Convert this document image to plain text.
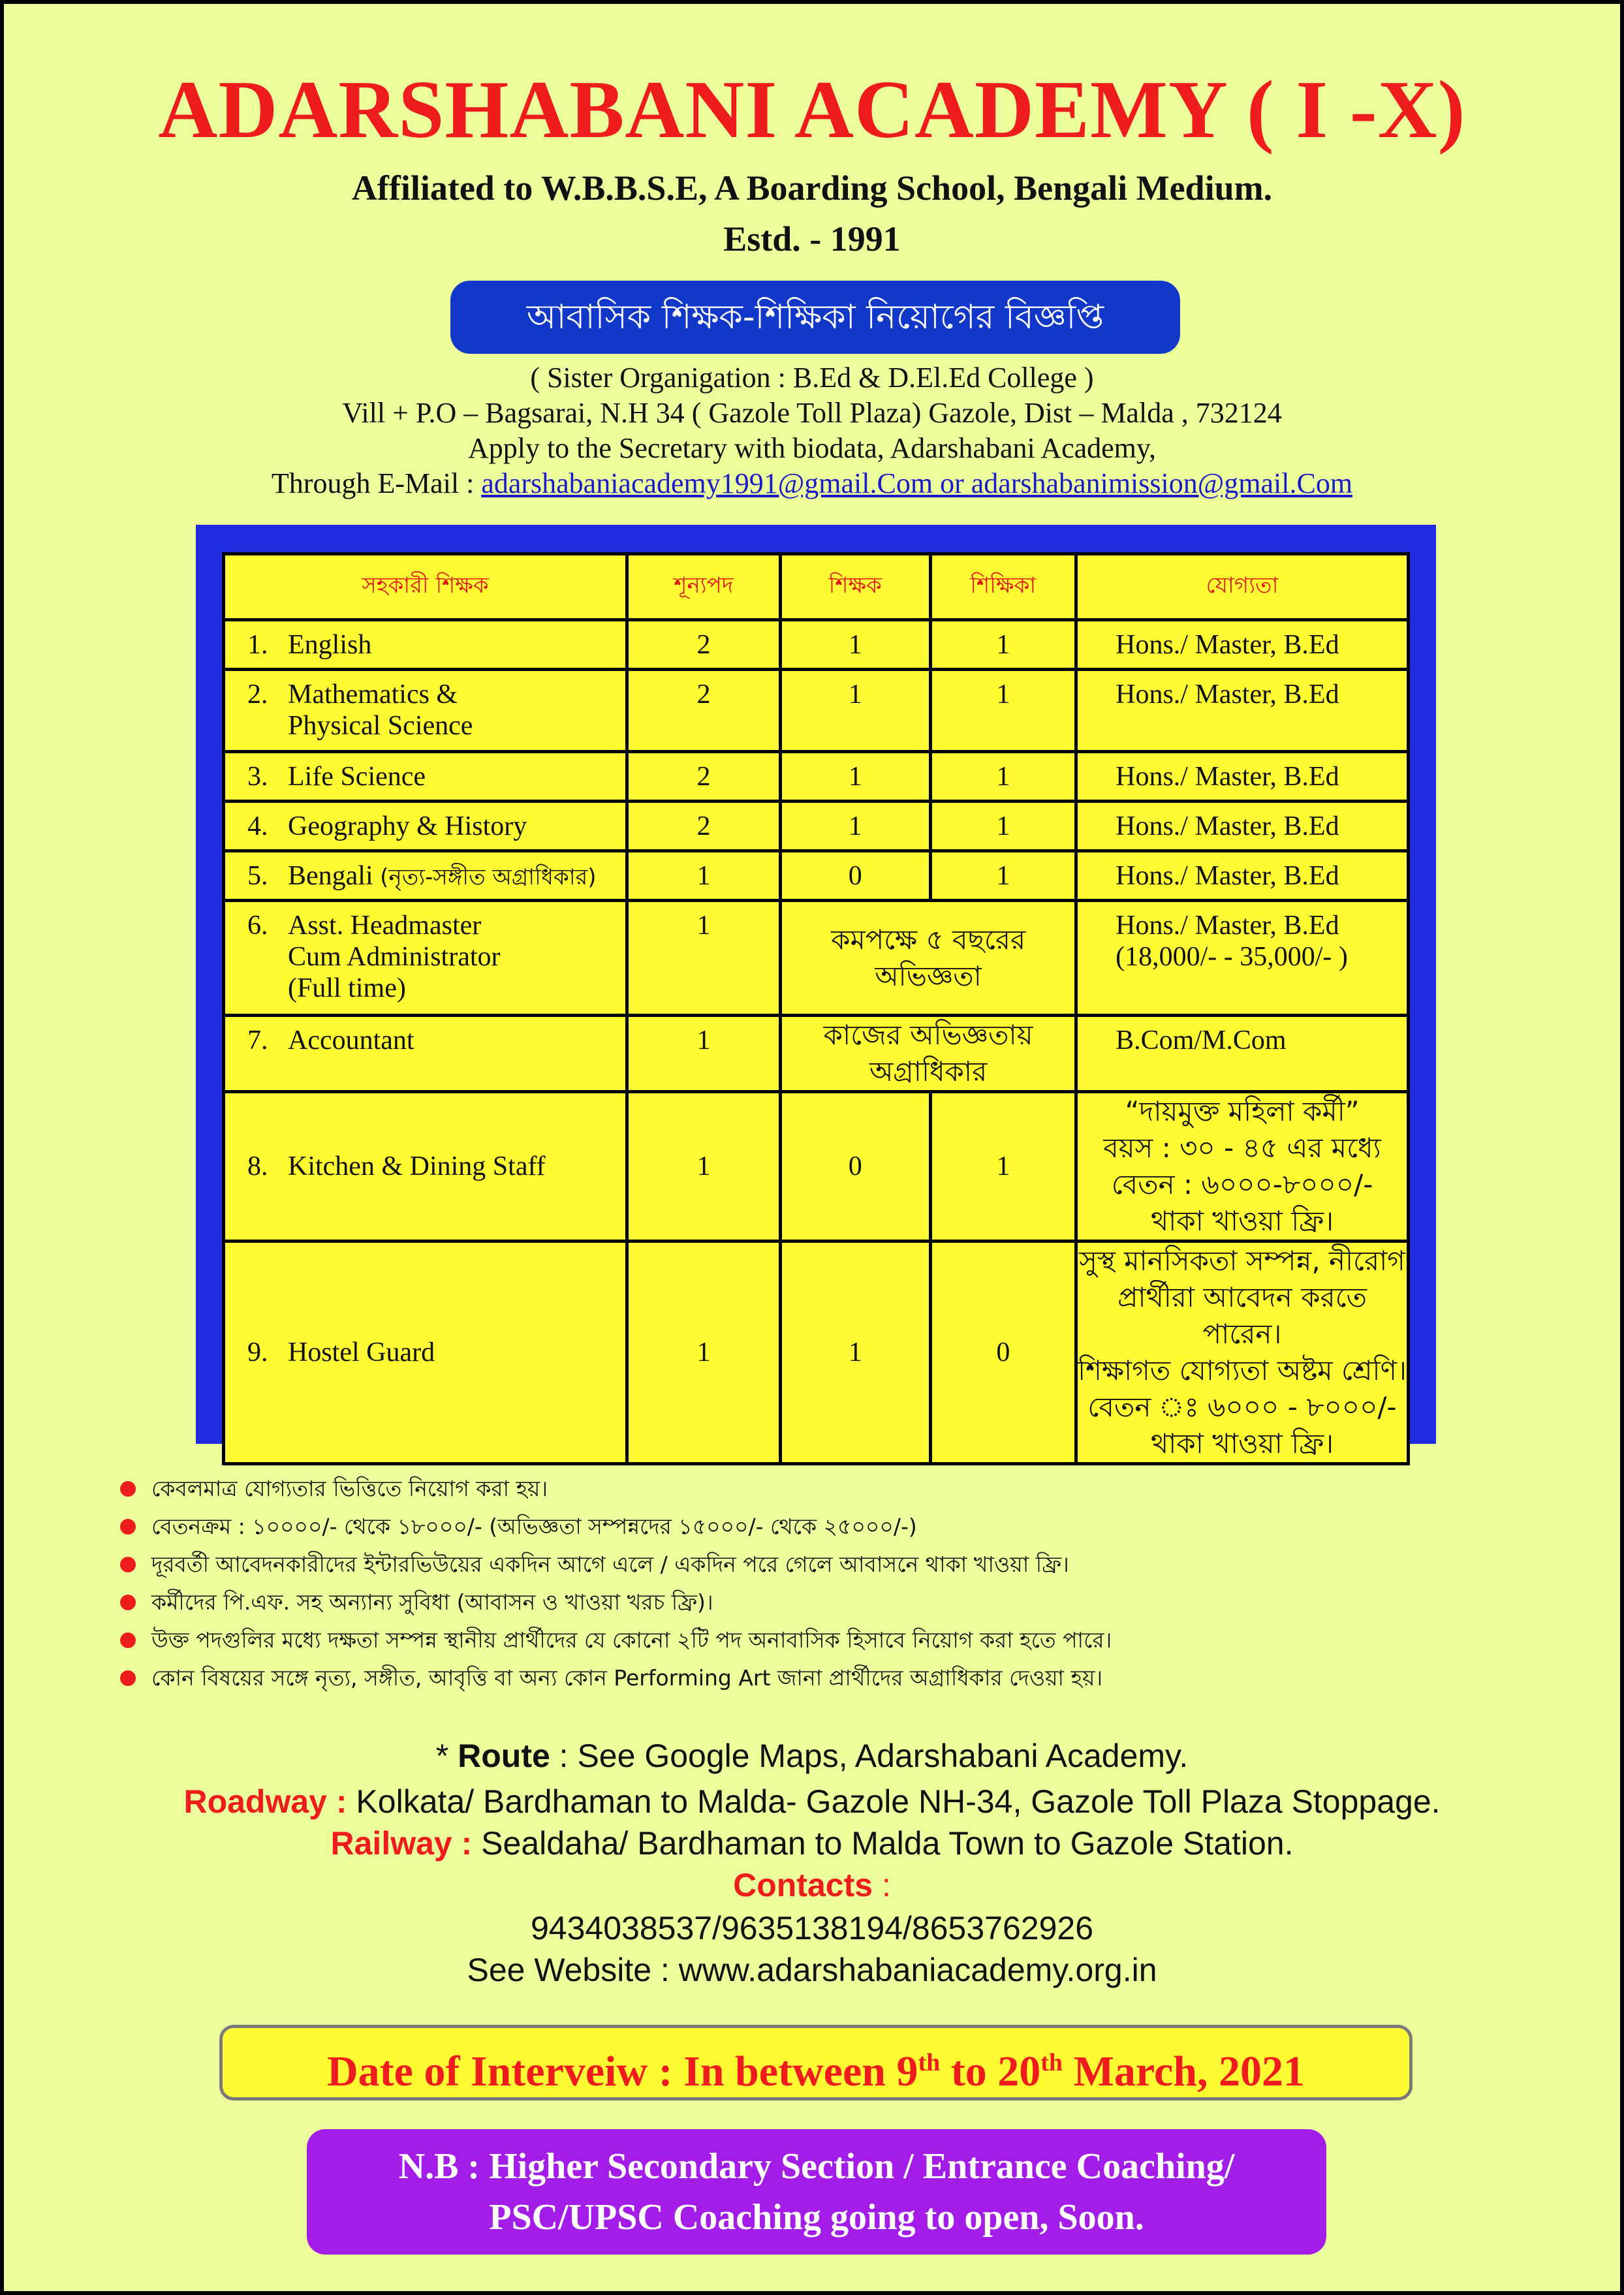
ADARSHABANI ACADEMY ( I -X)
Affiliated to W.B.B.S.E, A Boarding School, Bengali Medium.
Estd. - 1991
আবাসিক শিক্ষক-শিক্ষিকা নিয়োগের বিজ্ঞপ্তি
( Sister Organigation : B.Ed & D.El.Ed College )
Vill + P.O – Bagsarai, N.H 34 ( Gazole Toll Plaza) Gazole, Dist – Malda , 732124
Apply to the Secretary with biodata, Adarshabani Academy,
Through E-Mail : adarshabaniacademy1991@gmail.Com or adarshabanimission@gmail.Com
সহকারী শিক্ষক	শূন্যপদ	শিক্ষক	শিক্ষিকা	যোগ্যতা
1. English	2	1	1	Hons./ Master, B.Ed
2. Mathematics &
Physical Science	2	1	1	Hons./ Master, B.Ed
3. Life Science	2	1	1	Hons./ Master, B.Ed
4. Geography & History	2	1	1	Hons./ Master, B.Ed
5. Bengali (নৃত্য-সঙ্গীত অগ্রাধিকার)	1	0	1	Hons./ Master, B.Ed
6. Asst. Headmaster
Cum Administrator
(Full time)	1	কমপক্ষে ৫ বছরের অভিজ্ঞতা		Hons./ Master, B.Ed
(18,000/- - 35,000/- )
7. Accountant	1	কাজের অভিজ্ঞতায় অগ্রাধিকার		B.Com/M.Com
8. Kitchen & Dining Staff	1	0	1	“দায়মুক্ত মহিলা কর্মী”
বয়স : ৩০ - ৪৫ এর মধ্যে
বেতন : ৬০০০-৮০০০/-
থাকা খাওয়া ফ্রি।

9. Hostel Guard	1	1	0	সুস্থ মানসিকতা সম্পন্ন, নীরোগ
প্রার্থীরা আবেদন করতে পারেন।
শিক্ষাগত যোগ্যতা অষ্টম শ্রেণি।
বেতন ঃ ৬০০০ - ৮০০০/-
থাকা খাওয়া ফ্রি।
কেবলমাত্র যোগ্যতার ভিত্তিতে নিয়োগ করা হয়।
বেতনক্রম : ১০০০০/- থেকে ১৮০০০/- (অভিজ্ঞতা সম্পন্নদের ১৫০০০/- থেকে ২৫০০০/-)
দূরবর্তী আবেদনকারীদের ইন্টারভিউয়ের একদিন আগে এলে / একদিন পরে গেলে আবাসনে থাকা খাওয়া ফ্রি।
কর্মীদের পি.এফ. সহ অন্যান্য সুবিধা (আবাসন ও খাওয়া খরচ ফ্রি)।
উক্ত পদগুলির মধ্যে দক্ষতা সম্পন্ন স্থানীয় প্রার্থীদের যে কোনো ২টি পদ অনাবাসিক হিসাবে নিয়োগ করা হতে পারে।
কোন বিষয়ের সঙ্গে নৃত্য, সঙ্গীত, আবৃত্তি বা অন্য কোন Performing Art জানা প্রার্থীদের অগ্রাধিকার দেওয়া হয়।
* Route : See Google Maps, Adarshabani Academy.
Roadway : Kolkata/ Bardhaman to Malda- Gazole NH-34, Gazole Toll Plaza Stoppage.
Railway : Sealdaha/ Bardhaman to Malda Town to Gazole Station.
Contacts :
9434038537/9635138194/8653762926
See Website : www.adarshabaniacademy.org.in
Date of Interveiw : In between 9th to 20th March, 2021
N.B : Higher Secondary Section / Entrance Coaching/
PSC/UPSC Coaching going to open, Soon.
